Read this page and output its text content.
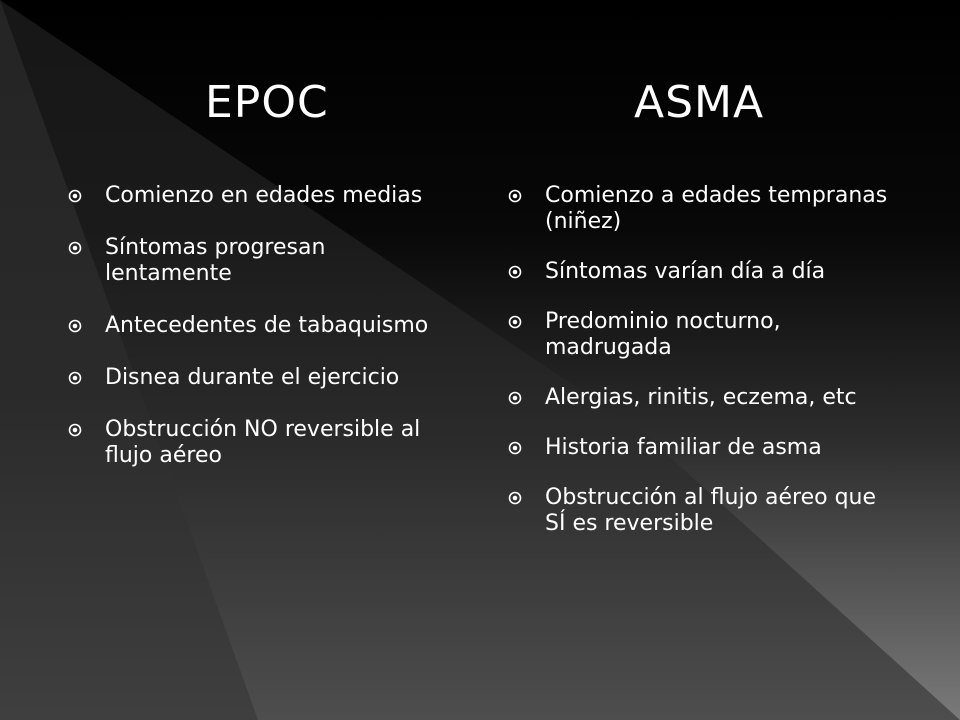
EPOC	ASMA
Comienzo en edades medias
Síntomas progresan lentamente
Antecedentes de tabaquismo
Disnea durante el ejercicio
Obstrucción NO reversible al flujo aéreo
Comienzo a edades tempranas (niñez)
Síntomas varían día a día
Predominio nocturno, madrugada
Alergias, rinitis, eczema, etc
Historia familiar de asma
Obstrucción al flujo aéreo que SÍ es reversible
